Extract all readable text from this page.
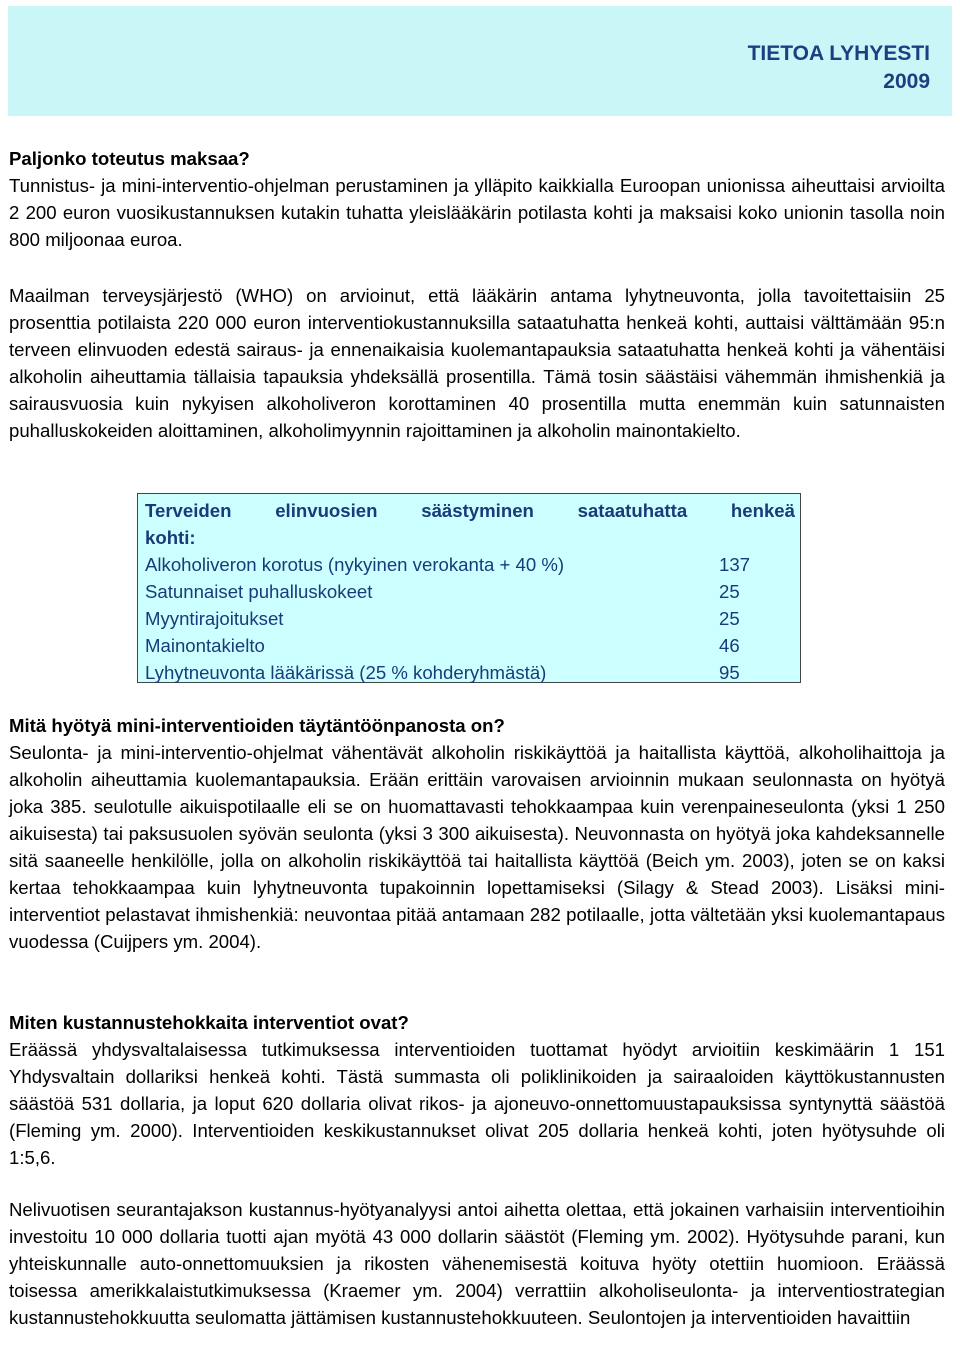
TIETOA LYHYESTI
2009
Paljonko toteutus maksaa?

Tunnistus- ja mini-interventio-ohjelman perustaminen ja ylläpito kaikkialla Euroopan unionissa aiheuttaisi arvioilta 2 200 euron vuosikustannuksen kutakin tuhatta yleislääkärin potilasta kohti ja maksaisi koko unionin tasolla noin 800 miljoonaa euroa.

Maailman terveysjärjestö (WHO) on arvioinut, että lääkärin antama lyhytneuvonta, jolla tavoitettaisiin 25 prosenttia potilaista 220 000 euron interventiokustannuksilla sataatuhatta henkeä kohti, auttaisi välttämään 95:n terveen elinvuoden edestä sairaus- ja ennenaikaisia kuolemantapauksia sataatuhatta henkeä kohti ja vähentäisi alkoholin aiheuttamia tällaisia tapauksia yhdeksällä prosentilla. Tämä tosin säästäisi vähemmän ihmishenkiä ja sairausvuosia kuin nykyisen alkoholiveron korottaminen 40 prosentilla mutta enemmän kuin satunnaisten puhalluskokeiden aloittaminen, alkoholimyynnin rajoittaminen ja alkoholin mainontakielto.

Terveiden elinvuosien säästyminen sataatuhatta henkeä
kohti:
Alkoholiveron korotus (nykyinen verokanta + 40 %)	137
Satunnaiset puhalluskokeet	25
Myyntirajoitukset	25
Mainontakielto	46
Lyhytneuvonta lääkärissä (25 % kohderyhmästä)	95
Mitä hyötyä mini-interventioiden täytäntöönpanosta on?

Seulonta- ja mini-interventio-ohjelmat vähentävät alkoholin riskikäyttöä ja haitallista käyttöä, alkoholihaittoja ja alkoholin aiheuttamia kuolemantapauksia. Erään erittäin varovaisen arvioinnin mukaan seulonnasta on hyötyä joka 385. seulotulle aikuispotilaalle eli se on huomattavasti tehokkaampaa kuin verenpaineseulonta (yksi 1 250 aikuisesta) tai paksusuolen syövän seulonta (yksi 3 300 aikuisesta). Neuvonnasta on hyötyä joka kahdeksannelle sitä saaneelle henkilölle, jolla on alkoholin riskikäyttöä tai haitallista käyttöä (Beich ym. 2003), joten se on kaksi kertaa tehokkaampaa kuin lyhytneuvonta tupakoinnin lopettamiseksi (Silagy & Stead 2003). Lisäksi mini-interventiot pelastavat ihmishenkiä: neuvontaa pitää antamaan 282 potilaalle, jotta vältetään yksi kuolemantapaus vuodessa (Cuijpers ym. 2004).

Miten kustannustehokkaita interventiot ovat?

Eräässä yhdysvaltalaisessa tutkimuksessa interventioiden tuottamat hyödyt arvioitiin keskimäärin 1 151 Yhdysvaltain dollariksi henkeä kohti. Tästä summasta oli poliklinikoiden ja sairaaloiden käyttökustannusten säästöä 531 dollaria, ja loput 620 dollaria olivat rikos- ja ajoneuvo-onnettomuustapauksissa syntynyttä säästöä (Fleming ym. 2000). Interventioiden keskikustannukset olivat 205 dollaria henkeä kohti, joten hyötysuhde oli 1:5,6.

Nelivuotisen seurantajakson kustannus-hyötyanalyysi antoi aihetta olettaa, että jokainen varhaisiin interventioihin investoitu 10 000 dollaria tuotti ajan myötä 43 000 dollarin säästöt (Fleming ym. 2002). Hyötysuhde parani, kun yhteiskunnalle auto-onnettomuuksien ja rikosten vähenemisestä koituva hyöty otettiin huomioon. Eräässä toisessa amerikkalaistutkimuksessa (Kraemer ym. 2004) verrattiin alkoholiseulonta- ja interventiostrategian kustannustehokkuutta seulomatta jättämisen kustannustehokkuuteen. Seulontojen ja interventioiden havaittiin
